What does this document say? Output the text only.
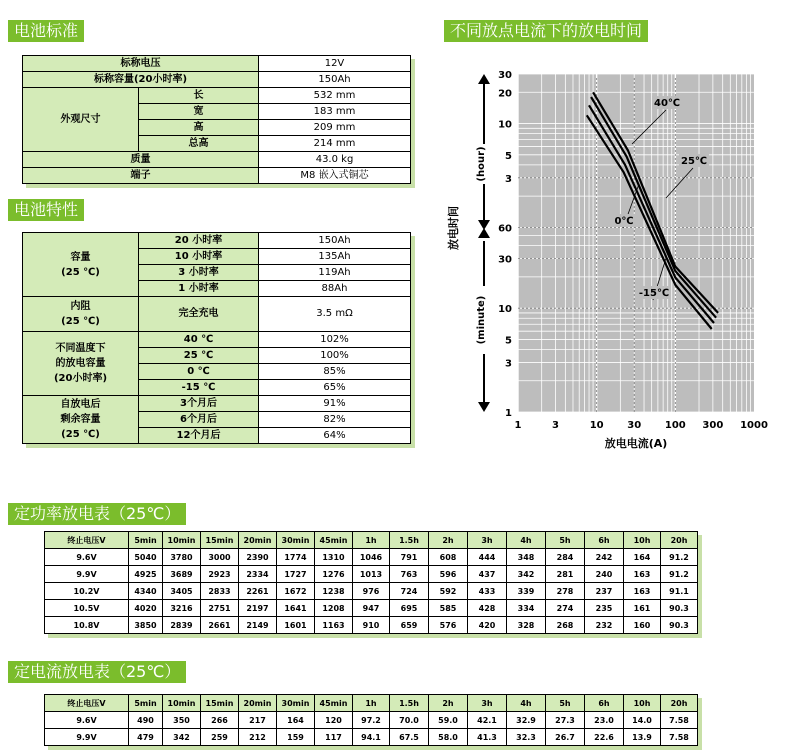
电池标准
标称电压		12V
标称容量(20小时率)		150Ah
外观尺寸	长	532 mm
	宽	183 mm
	高	209 mm
	总高	214 mm
质量		43.0 kg
端子		M8 嵌入式铜芯
电池特性
容量
(25 ℃)	20 小时率	150Ah
	10 小时率	135Ah
	3 小时率	119Ah
	1 小时率	88Ah

内阻
(25 ℃)	完全充电	3.5 mΩ

不同温度下
的放电容量
(20小时率)	40 ℃	102%
	25 ℃	100%
	0 ℃	85%
	-15 ℃	65%

自放电后
剩余容量
(25 ℃)	3个月后	91%
	6个月后	82%
	12个月后	64%
不同放点电流下的放电时间
40℃
25℃
0℃
-15℃
1	3	10 30 100 300 1000
30
20
10
5
3
60
30
10
5
3
1
(hour)
(minute)
放电时间
放电电流(A)
定功率放电表（25℃）
终止电压V	5min	10min	15min	20min	30min	45min	1h	1.5h	2h	3h	4h	5h	6h	10h	20h
9.6V	5040	3780	3000	2390	1774	1310	1046	791	608	444	348	284	242	164	91.2
9.9V	4925	3689	2923	2334	1727	1276	1013	763	596	437	342	281	240	163	91.2
10.2V	4340	3405	2833	2261	1672	1238	976	724	592	433	339	278	237	163	91.1
10.5V	4020	3216	2751	2197	1641	1208	947	695	585	428	334	274	235	161	90.3
10.8V	3850	2839	2661	2149	1601	1163	910	659	576	420	328	268	232	160	90.3
定电流放电表（25℃）
终止电压V	5min	10min	15min	20min	30min	45min	1h	1.5h	2h	3h	4h	5h	6h	10h	20h
9.6V	490	350	266	217	164	120	97.2	70.0	59.0	42.1	32.9	27.3	23.0	14.0	7.58
9.9V	479	342	259	212	159	117	94.1	67.5	58.0	41.3	32.3	26.7	22.6	13.9	7.58
